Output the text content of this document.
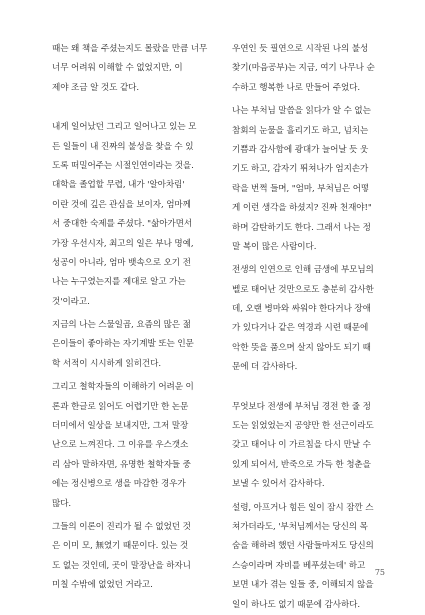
때는 왜 책을 주셨는지도 몰랐을 만큼 너무
너무 어려워 이해할 수 없었지만, 이
제야 조금 알 것도 같다.
내게 일어났던 그리고 일어나고 있는 모
든 일들이 내 진짜의 불성을 찾을 수 있
도록 떠밀어주는 시절인연이라는 것을.
대학을 졸업할 무렵, 내가 '알아차림'
이란 것에 깊은 관심을 보이자, 엄마께
서 중대한 숙제를 주셨다. "삶아가면서
가장 우선시자, 최고의 일은 부나 명예,
성공이 아니라, 엄마 뱃속으로 오기 전
나는 누구였는지를 제대로 알고 가는
것'이라고.
지금의 나는 스물일곱, 요즘의 많은 젊
은이들이 좋아하는 자기계발 또는 인문
학 서적이 시시하게 읽히건다.
그리고 철학자들의 이해하기 어려운 이
론과 한글로 읽어도 어렵기만 한 논문
더미에서 일상을 보내지만, 그저 말장
난으로 느껴진다. 그 이유를 우스갯소
리 삼아 말하자면, 유명한 철학자들 중
에는 정신병으로 생을 마감한 경우가
많다.
그들의 이론이 진리가 될 수 없었던 것
은 이미 모, 無였기 때문이다. 있는 것
도 없는 것인데, 곳이 말장난을 하자니
미칠 수밖에 없었던 거라고.
우연인 듯 필연으로 시작된 나의 불성
찾기(마음공부)는 지금, 여기 나무나 순
수하고 행복한 나로 만들어 주었다.
나는 부처님 말씀을 읽다가 알 수 없는
참회의 눈물을 흘리기도 하고, 넘치는
기쁨과 감사함에 광대가 늘어날 듯 웃
기도 하고, 감자기 뛰쳐나가 엄지손가
락을 번쩍 들며, "엄마, 부처님은 어떻
게 이런 생각을 하셨지? 진짜 천재야!"
하며 감탄하기도 한다. 그래서 나는 정
말 복이 많은 사람이다.
전생의 인연으로 인해 금생에 부모님의
벨로 태어난 것만으로도 충분히 감사한
데, 오랜 병마와 싸워야 한다거나 장애
가 있다거나 같은 역경과 시련 때문에
악한 뜻을 품으며 살지 않아도 되기 때
문에 더 감사하다.
무엇보다 전생에 부처님 경전 한 줄 정
도는 읽었었는지 공양만 한 선근이라도
갖고 태어나 이 가르침을 다시 만날 수
있게 되어서, 반죽으로 가득 한 청춘을
보낼 수 있어서 감사하다.
설령, 아프거나 힘든 일이 잠시 잠깐 스
쳐가더라도, '부처님께서는 당신의 목
숨을 해하려 했던 사람들마저도 당신의
스승이라며 자비를 베푸셨는데' 하고
보면 내가 겪는 일들 중, 이해되지 않을
일이 하나도 없기 때문에 감사하다.
75
